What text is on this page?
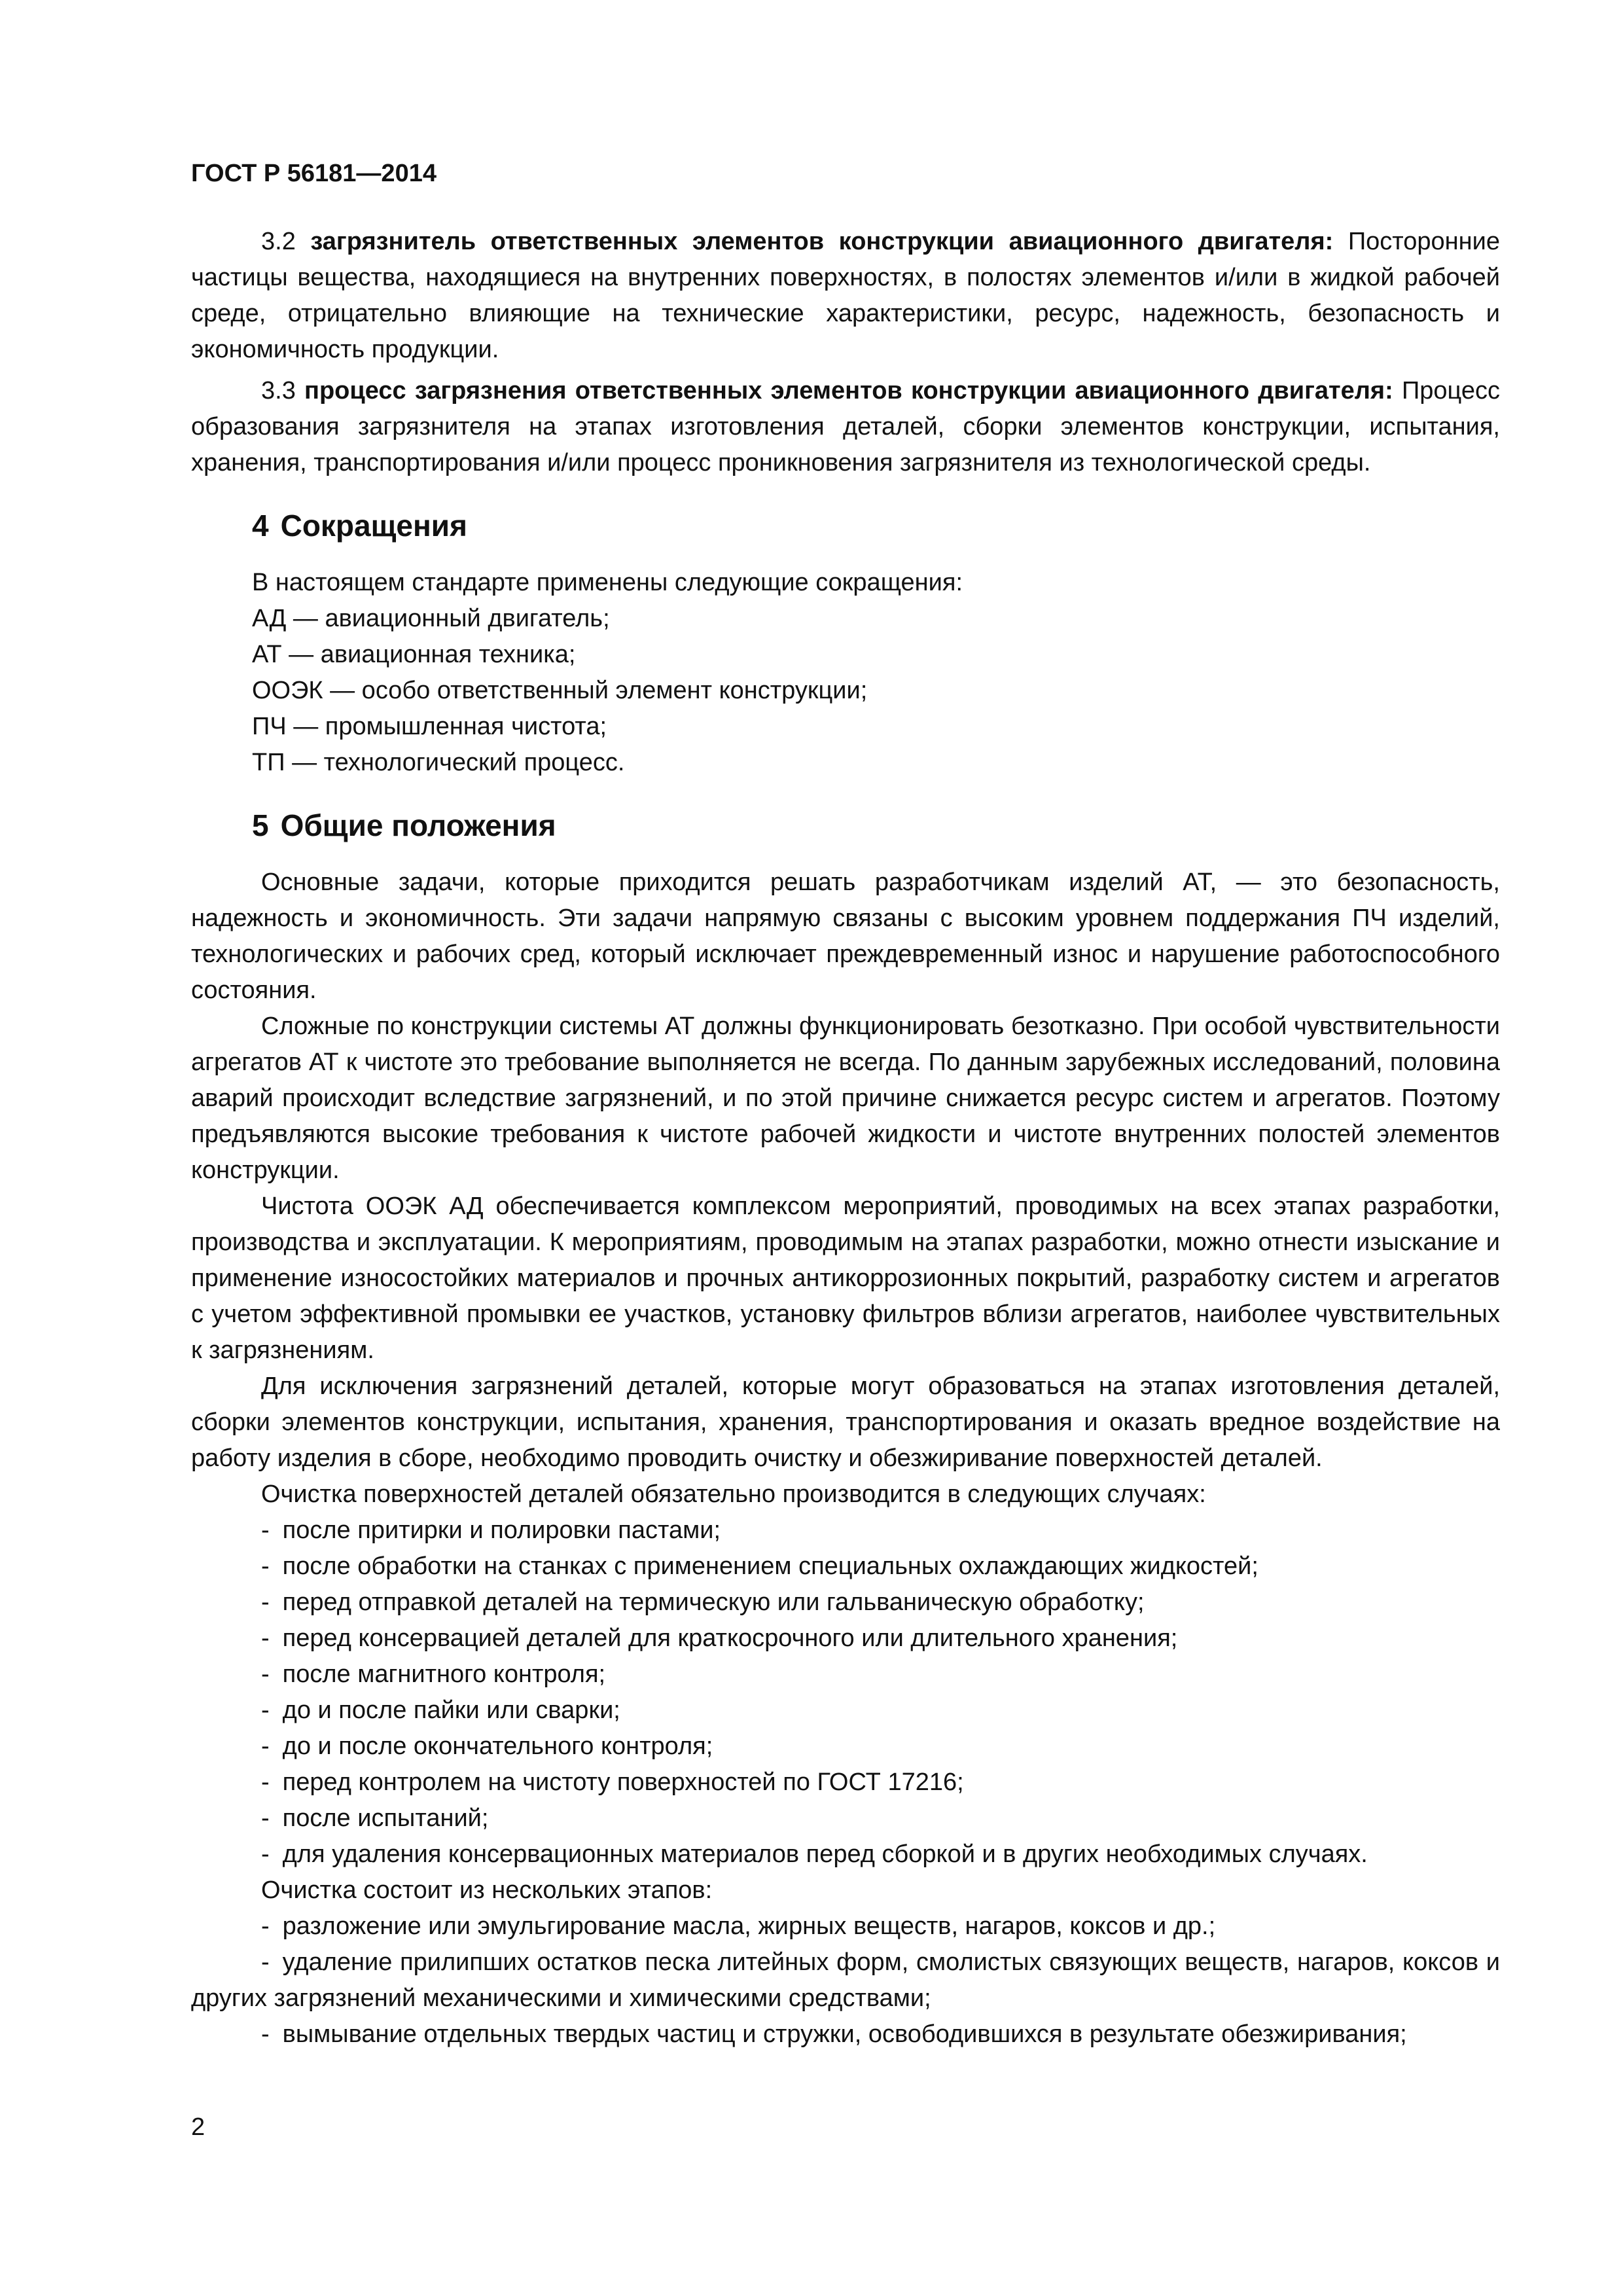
ГОСТ Р 56181—2014

3.2 загрязнитель ответственных элементов конструкции авиационного двигателя: Посторонние частицы вещества, находящиеся на внутренних поверхностях, в полостях элементов и/или в жидкой рабочей среде, отрицательно влияющие на технические характеристики, ресурс, надежность, безопасность и экономичность продукции.

3.3 процесс загрязнения ответственных элементов конструкции авиационного двигателя: Процесс образования загрязнителя на этапах изготовления деталей, сборки элементов конструкции, испытания, хранения, транспортирования и/или процесс проникновения загрязнителя из технологической среды.

4 Сокращения

В настоящем стандарте применены следующие сокращения:

АД — авиационный двигатель;

АТ — авиационная техника;

ООЭК — особо ответственный элемент конструкции;

ПЧ — промышленная чистота;

ТП — технологический процесс.

5 Общие положения

Основные задачи, которые приходится решать разработчикам изделий АТ, — это безопасность, надежность и экономичность. Эти задачи напрямую связаны с высоким уровнем поддержания ПЧ изделий, технологических и рабочих сред, который исключает преждевременный износ и нарушение работоспособного состояния.

Сложные по конструкции системы АТ должны функционировать безотказно. При особой чувствительности агрегатов АТ к чистоте это требование выполняется не всегда. По данным зарубежных исследований, половина аварий происходит вследствие загрязнений, и по этой причине снижается ресурс систем и агрегатов. Поэтому предъявляются высокие требования к чистоте рабочей жидкости и чистоте внутренних полостей элементов конструкции.

Чистота ООЭК АД обеспечивается комплексом мероприятий, проводимых на всех этапах разработки, производства и эксплуатации. К мероприятиям, проводимым на этапах разработки, можно отнести изыскание и применение износостойких материалов и прочных антикоррозионных покрытий, разработку систем и агрегатов с учетом эффективной промывки ее участков, установку фильтров вблизи агрегатов, наиболее чувствительных к загрязнениям.

Для исключения загрязнений деталей, которые могут образоваться на этапах изготовления деталей, сборки элементов конструкции, испытания, хранения, транспортирования и оказать вредное воздействие на работу изделия в сборе, необходимо проводить очистку и обезжиривание поверхностей деталей.

Очистка поверхностей деталей обязательно производится в следующих случаях:

- после притирки и полировки пастами;
- после обработки на станках с применением специальных охлаждающих жидкостей;
- перед отправкой деталей на термическую или гальваническую обработку;
- перед консервацией деталей для краткосрочного или длительного хранения;
- после магнитного контроля;
- до и после пайки или сварки;
- до и после окончательного контроля;
- перед контролем на чистоту поверхностей по ГОСТ 17216;
- после испытаний;
- для удаления консервационных материалов перед сборкой и в других необходимых случаях.

Очистка состоит из нескольких этапов:

- разложение или эмульгирование масла, жирных веществ, нагаров, коксов и др.;
- удаление прилипших остатков песка литейных форм, смолистых связующих веществ, нагаров, коксов и других загрязнений механическими и химическими средствами;
- вымывание отдельных твердых частиц и стружки, освободившихся в результате обезжиривания;
2
